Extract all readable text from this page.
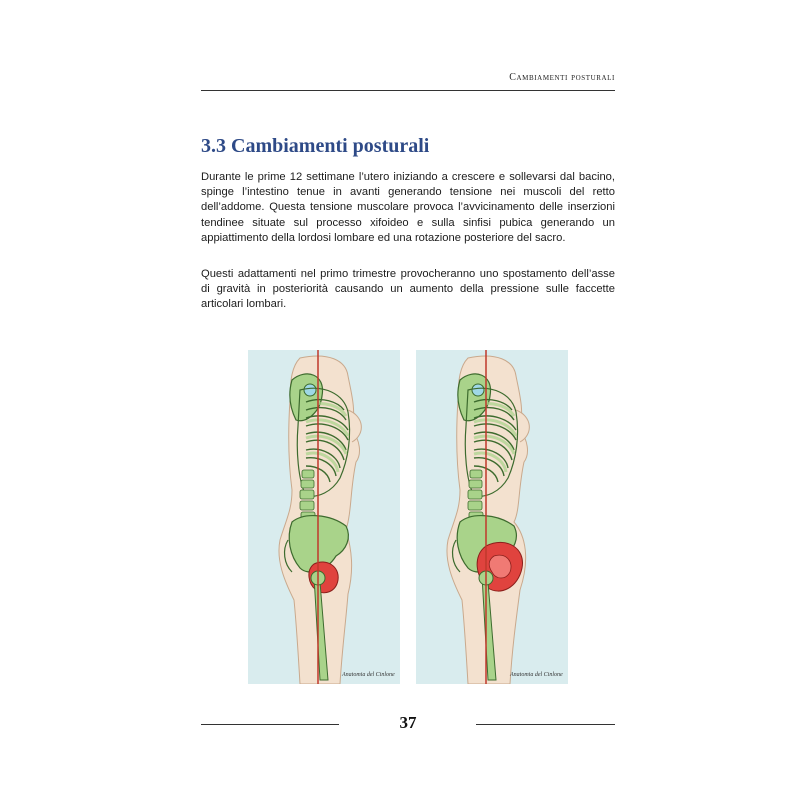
Cambiamenti posturali
3.3 Cambiamenti posturali

Durante le prime 12 settimane l’utero iniziando a crescere e sollevarsi dal bacino, spinge l’intestino tenue in avanti generando tensione nei muscoli del retto dell’addome. Questa tensione muscolare provoca l’avvicinamento delle inserzioni tendinee situate sul processo xifoideo e sulla sinfisi pubica generando un appiattimento della lordosi lombare ed una rotazione posteriore del sacro.

Questi adattamenti nel primo trimestre provocheranno uno spostamento dell’asse di gravità in posteriorità causando un aumento della pressione sulle faccette articolari lombari.

Anatomia del Cinlone	Anatomia del Cinlone
37
